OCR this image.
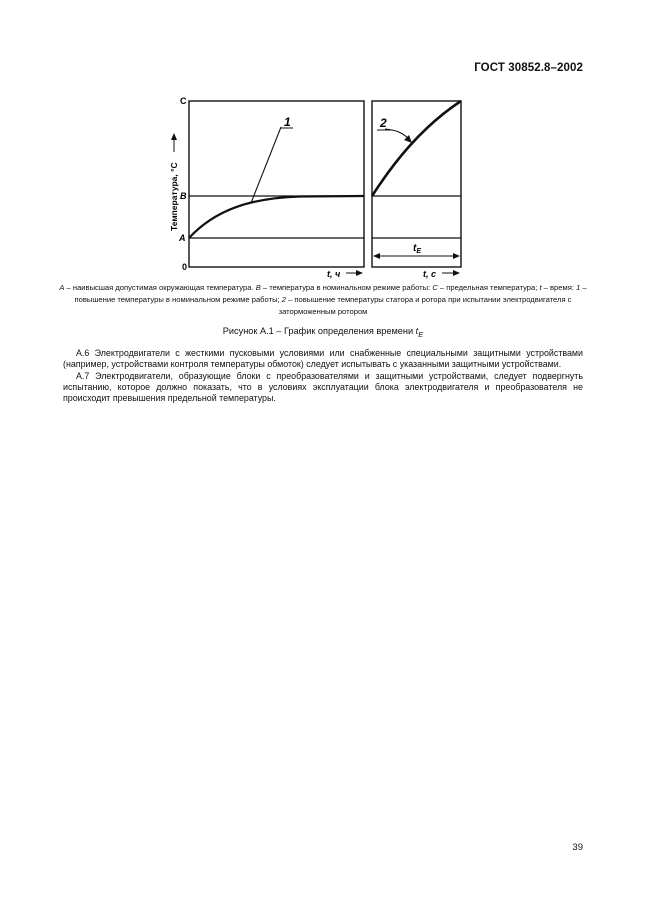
ГОСТ 30852.8–2002
1	2
$t_E$
С
В
А
0
Температура, °С
t, ч	t, с
А – наивысшая допустимая окружающая температура. В – температура в номинальном режиме работы: С – предельная температура; t – время: 1 – повышение температуры в номинальном режиме работы; 2 – повышение температуры статора и ротора при испытании электродвигателя с заторможенным ротором
Рисунок А.1 – График определения времени $t_E$

А.6 Электродвигатели с жесткими пусковыми условиями или снабженные специальными защитными устройствами (например, устройствами контроля температуры обмоток) следует испытывать с указанными защитными устройствами.

А.7 Электродвигатели, образующие блоки с преобразователями и защитными устройствами, следует подвергнуть испытанию, которое должно показать, что в условиях эксплуатации блока электродвигателя и преобразователя не происходит превышения предельной температуры.

39
